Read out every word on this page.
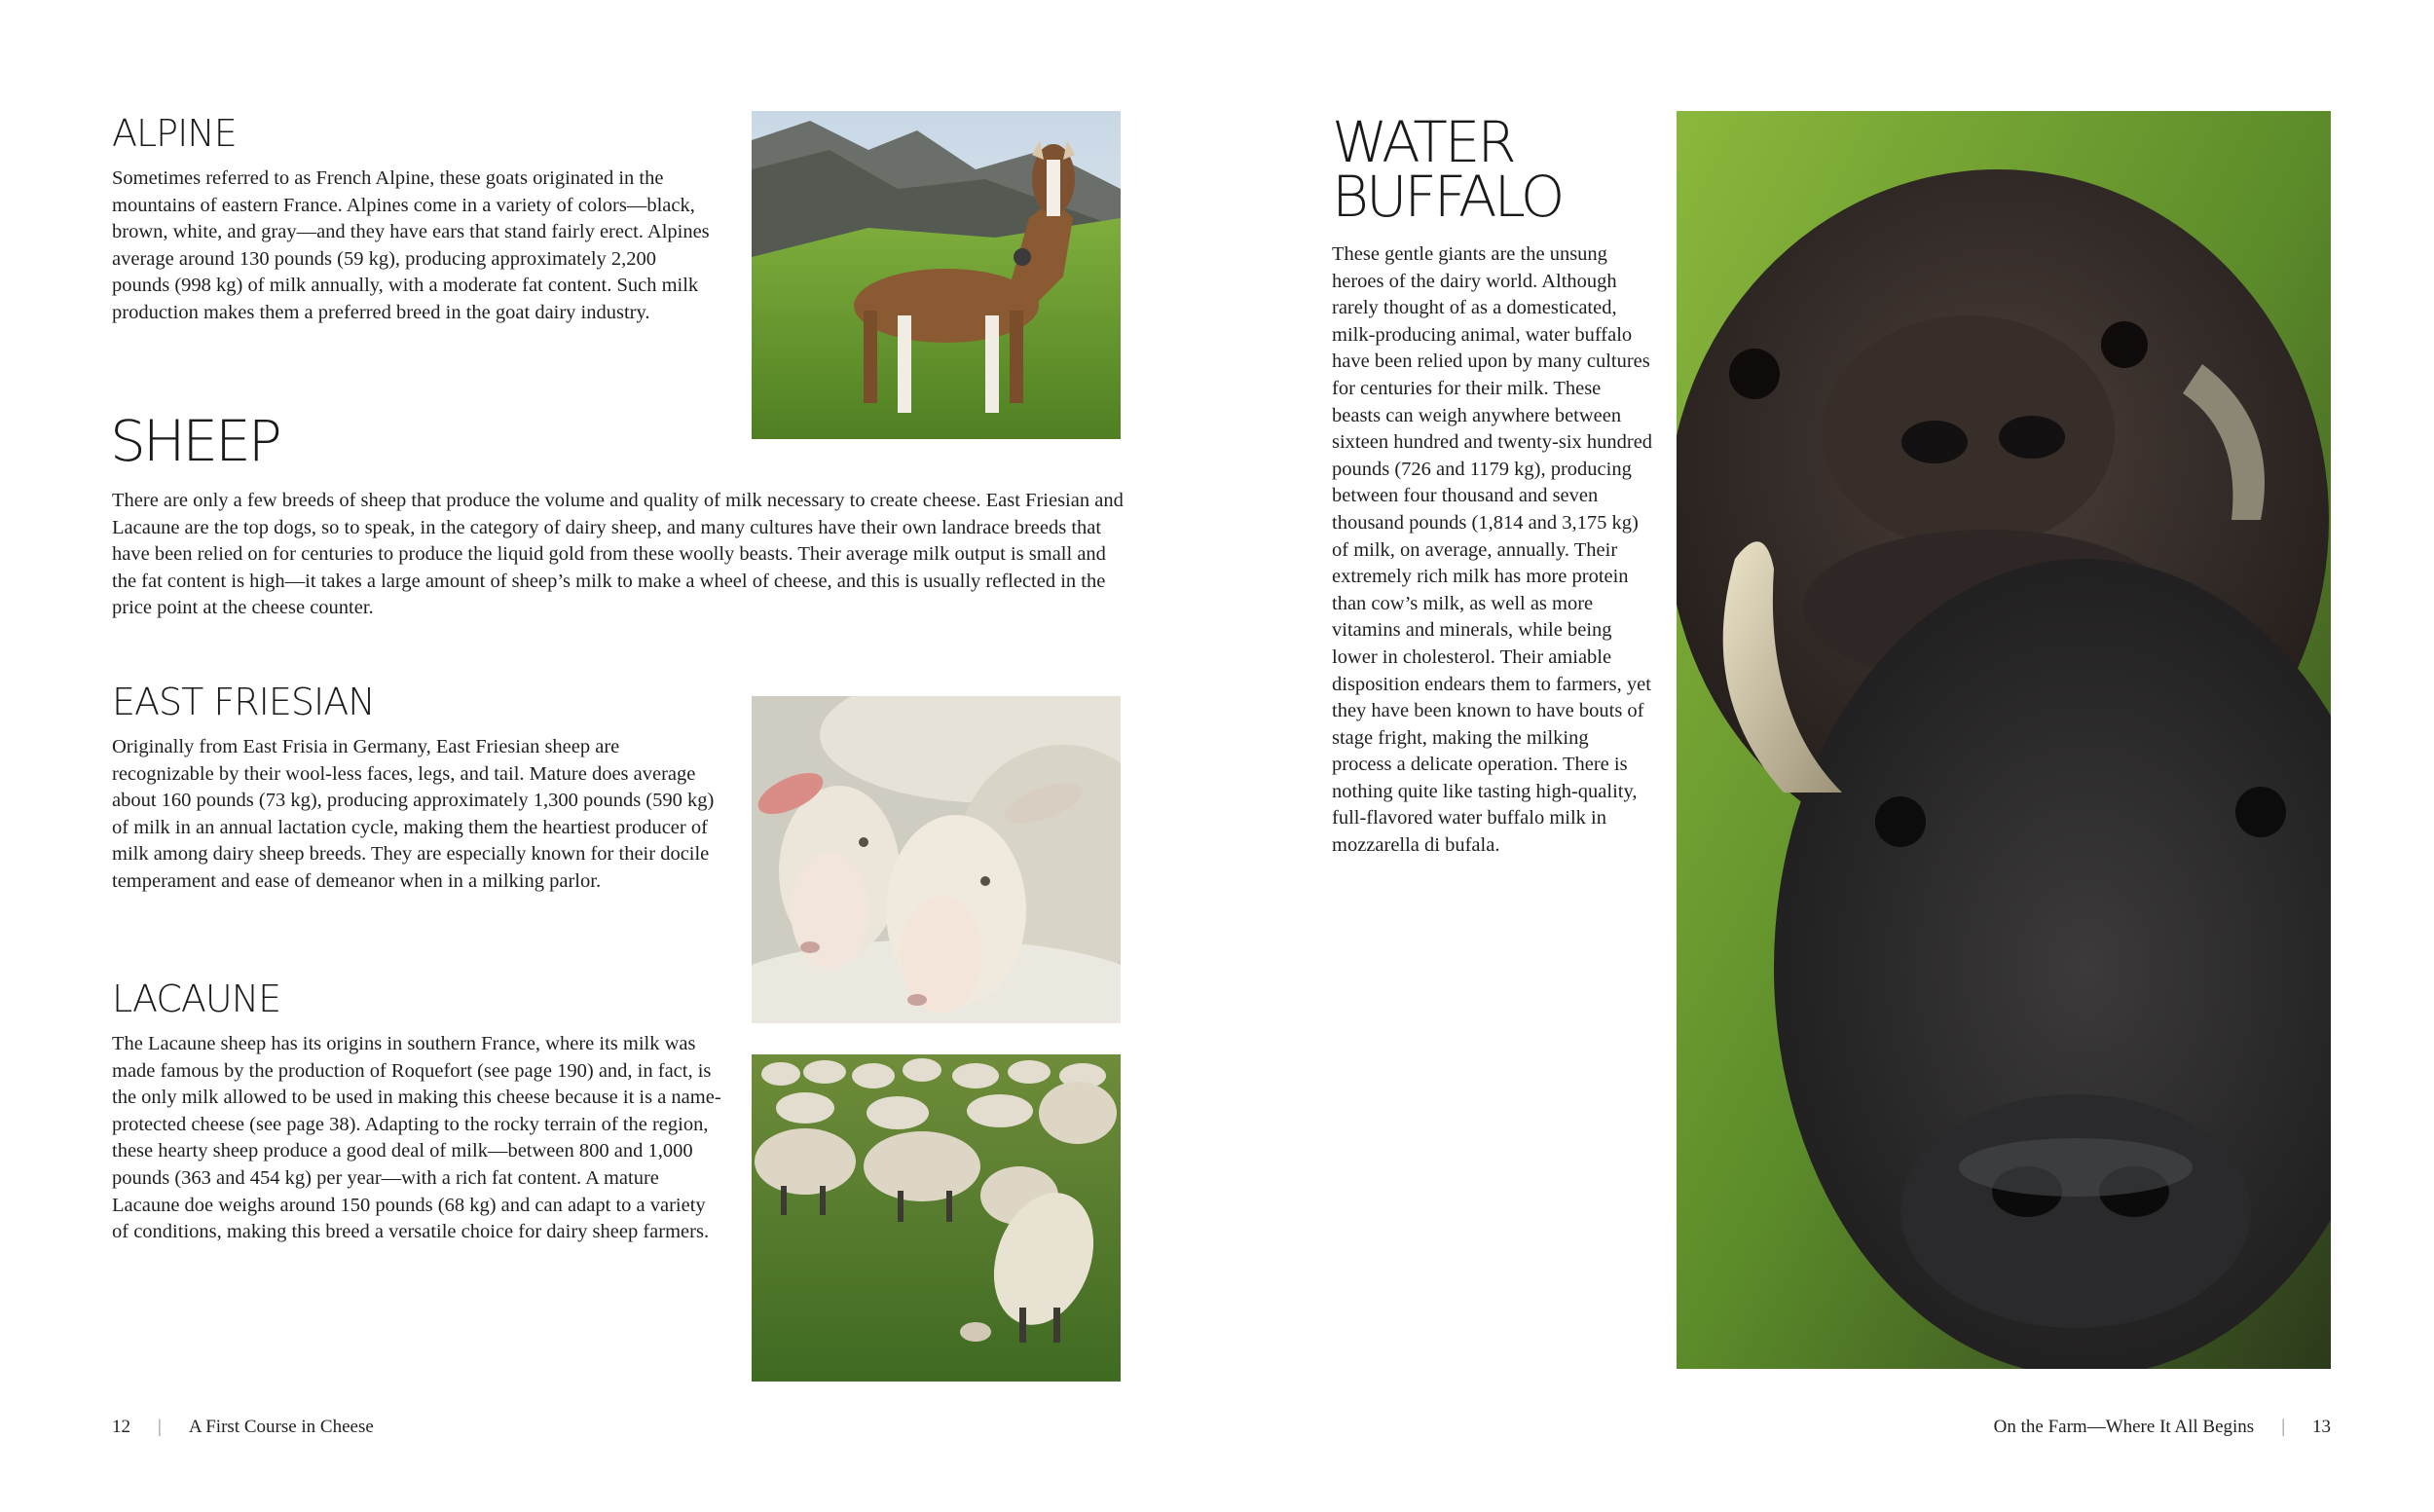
ALPINE

Sometimes referred to as French Alpine, these goats originated in the mountains of eastern France. Alpines come in a variety of colors—black, brown, white, and gray—and they have ears that stand fairly erect. Alpines average around 130 pounds (59 kg), producing approximately 2,200 pounds (998 kg) of milk annually, with a moderate fat content. Such milk production makes them a preferred breed in the goat dairy industry.

SHEEP

There are only a few breeds of sheep that produce the volume and quality of milk necessary to create cheese. East Friesian and Lacaune are the top dogs, so to speak, in the category of dairy sheep, and many cultures have their own landrace breeds that have been relied on for centuries to produce the liquid gold from these woolly beasts. Their average milk output is small and the fat content is high—it takes a large amount of sheep’s milk to make a wheel of cheese, and this is usually reflected in the price point at the cheese counter.

EAST FRIESIAN

Originally from East Frisia in Germany, East Friesian sheep are recognizable by their wool-less faces, legs, and tail. Mature does average about 160 pounds (73 kg), producing approximately 1,300 pounds (590 kg) of milk in an annual lactation cycle, making them the heartiest producer of milk among dairy sheep breeds. They are especially known for their docile temperament and ease of demeanor when in a milking parlor.

LACAUNE

The Lacaune sheep has its origins in southern France, where its milk was made famous by the production of Roquefort (see page 190) and, in fact, is the only milk allowed to be used in making this cheese because it is a name-protected cheese (see page 38). Adapting to the rocky terrain of the region, these hearty sheep produce a good deal of milk—between 800 and 1,000 pounds (363 and 454 kg) per year—with a rich fat content. A mature Lacaune doe weighs around 150 pounds (68 kg) and can adapt to a variety of conditions, making this breed a versatile choice for dairy sheep farmers.

WATER
BUFFALO

These gentle giants are the unsung heroes of the dairy world. Although rarely thought of as a domesticated, milk-producing animal, water buffalo have been relied upon by many cultures for centuries for their milk. These beasts can weigh anywhere between sixteen hundred and twenty-six hundred pounds (726 and 1179 kg), producing between four thousand and seven thousand pounds (1,814 and 3,175 kg) of milk, on average, annually. Their extremely rich milk has more protein than cow’s milk, as well as more vitamins and minerals, while being lower in cholesterol. Their amiable disposition endears them to farmers, yet they have been known to have bouts of stage fright, making the milking process a delicate operation. There is nothing quite like tasting high-quality, full-flavored water buffalo milk in mozzarella di bufala.

12 | A First Course in Cheese	On the Farm—Where It All Begins | 13
